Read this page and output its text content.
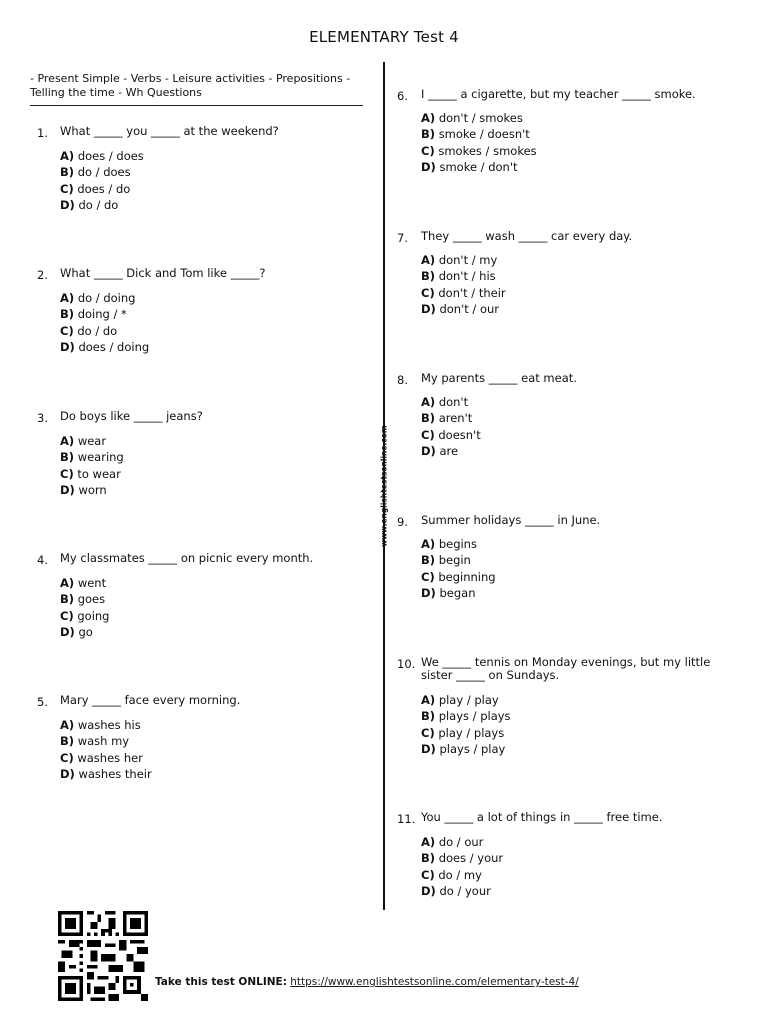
ELEMENTARY Test 4
- Present Simple - Verbs - Leisure activities - Prepositions - Telling the time - Wh Questions
www.englishtestsonline.com
1. What _____ you _____ at the weekend?
A) does / does
B) do / does
C) does / do
D) do / do
2. What _____ Dick and Tom like _____?
A) do / doing
B) doing / *
C) do / do
D) does / doing
3. Do boys like _____ jeans?
A) wear
B) wearing
C) to wear
D) worn
4. My classmates _____ on picnic every month.
A) went
B) goes
C) going
D) go
5. Mary _____ face every morning.
A) washes his
B) wash my
C) washes her
D) washes their
6. I _____ a cigarette, but my teacher _____ smoke.
A) don't / smokes
B) smoke / doesn't
C) smokes / smokes
D) smoke / don't
7. They _____ wash _____ car every day.
A) don't / my
B) don't / his
C) don't / their
D) don't / our
8. My parents _____ eat meat.
A) don't
B) aren't
C) doesn't
D) are
9. Summer holidays _____ in June.
A) begins
B) begin
C) beginning
D) began
10. We _____ tennis on Monday evenings, but my little
sister _____ on Sundays.
A) play / play
B) plays / plays
C) play / plays
D) plays / play
11. You _____ a lot of things in _____ free time.
A) do / our
B) does / your
C) do / my
D) do / your
Take this test ONLINE: https://www.englishtestsonline.com/elementary-test-4/
